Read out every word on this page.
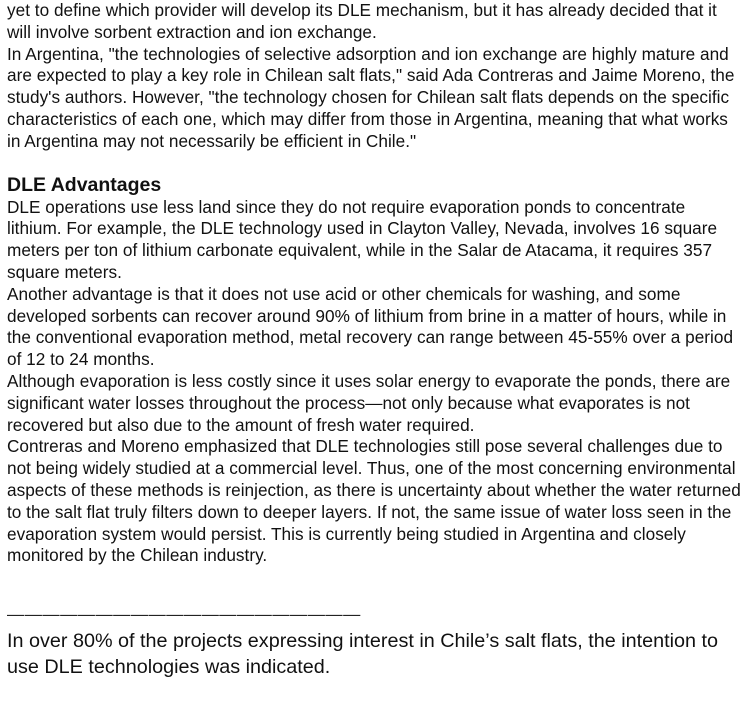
yet to define which provider will develop its DLE mechanism, but it has already decided that it will involve sorbent extraction and ion exchange.

In Argentina, "the technologies of selective adsorption and ion exchange are highly mature and are expected to play a key role in Chilean salt flats," said Ada Contreras and Jaime Moreno, the study's authors. However, "the technology chosen for Chilean salt flats depends on the specific characteristics of each one, which may differ from those in Argentina, meaning that what works in Argentina may not necessarily be efficient in Chile."

DLE Advantages

DLE operations use less land since they do not require evaporation ponds to concentrate lithium. For example, the DLE technology used in Clayton Valley, Nevada, involves 16 square meters per ton of lithium carbonate equivalent, while in the Salar de Atacama, it requires 357 square meters.

Another advantage is that it does not use acid or other chemicals for washing, and some developed sorbents can recover around 90% of lithium from brine in a matter of hours, while in the conventional evaporation method, metal recovery can range between 45-55% over a period of 12 to 24 months.

Although evaporation is less costly since it uses solar energy to evaporate the ponds, there are significant water losses throughout the process—not only because what evaporates is not recovered but also due to the amount of fresh water required.

Contreras and Moreno emphasized that DLE technologies still pose several challenges due to not being widely studied at a commercial level. Thus, one of the most concerning environmental aspects of these methods is reinjection, as there is uncertainty about whether the water returned to the salt flat truly filters down to deeper layers. If not, the same issue of water loss seen in the evaporation system would persist. This is currently being studied in Argentina and closely monitored by the Chilean industry.

————————————————————

In over 80% of the projects expressing interest in Chile’s salt flats, the intention to use DLE technologies was indicated.
